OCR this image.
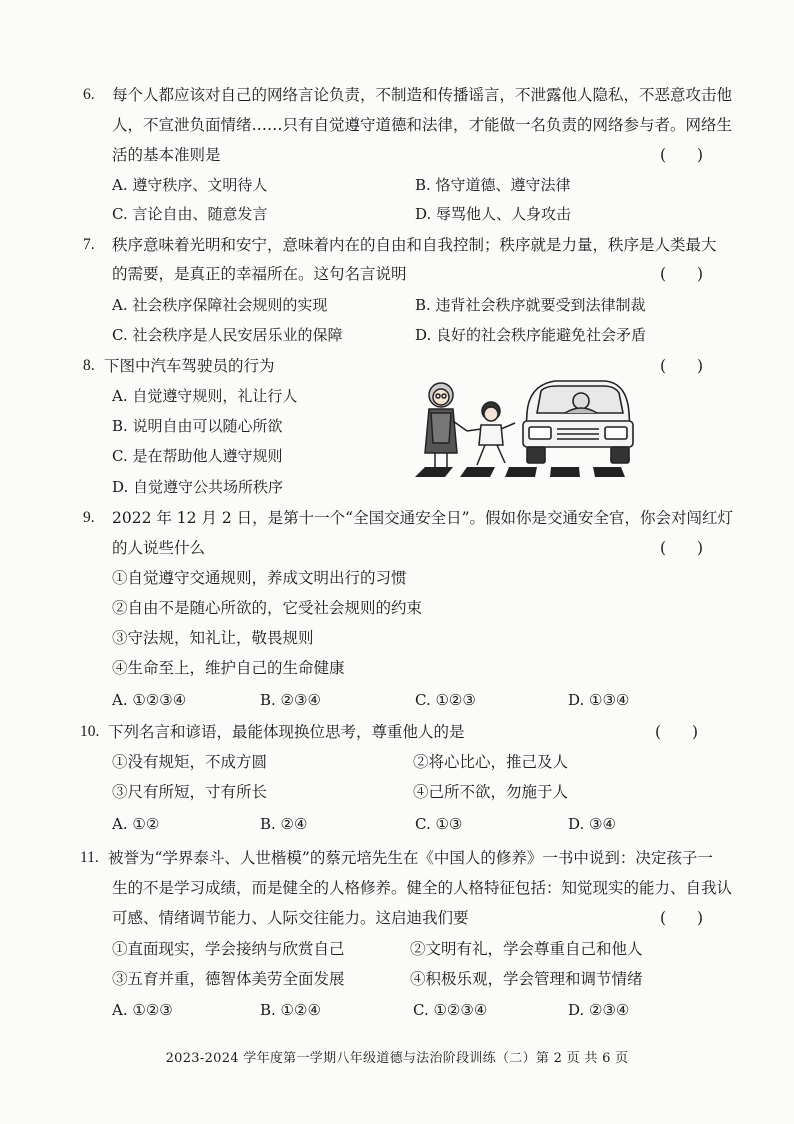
6. 每个人都应该对自己的网络言论负责，不制造和传播谣言，不泄露他人隐私，不恶意攻击他
人，不宣泄负面情绪……只有自觉遵守道德和法律，才能做一名负责的网络参与者。网络生
活的基本准则是	(　　)
A. 遵守秩序、文明待人	B. 恪守道德、遵守法律
C. 言论自由、随意发言	D. 辱骂他人、人身攻击
7. 秩序意味着光明和安宁，意味着内在的自由和自我控制；秩序就是力量，秩序是人类最大
的需要，是真正的幸福所在。这句名言说明	(　　)
A. 社会秩序保障社会规则的实现	B. 违背社会秩序就要受到法律制裁
C. 社会秩序是人民安居乐业的保障	D. 良好的社会秩序能避免社会矛盾
8. 下图中汽车驾驶员的行为	(　　)
A. 自觉遵守规则，礼让行人
B. 说明自由可以随心所欲
C. 是在帮助他人遵守规则
D. 自觉遵守公共场所秩序
9. 2022 年 12 月 2 日，是第十一个“全国交通安全日”。假如你是交通安全官，你会对闯红灯
的人说些什么	(　　)
①自觉遵守交通规则，养成文明出行的习惯
②自由不是随心所欲的，它受社会规则的约束
③守法规，知礼让，敬畏规则
④生命至上，维护自己的生命健康
A. ①②③④	B. ②③④	C. ①②③	D. ①③④
10. 下列名言和谚语，最能体现换位思考，尊重他人的是	(　　)
①没有规矩，不成方圆	②将心比心，推己及人
③尺有所短，寸有所长	④己所不欲，勿施于人
A. ①②	B. ②④	C. ①③	D. ③④
11. 被誉为“学界泰斗、人世楷模”的蔡元培先生在《中国人的修养》一书中说到：决定孩子一
生的不是学习成绩，而是健全的人格修养。健全的人格特征包括：知觉现实的能力、自我认
可感、情绪调节能力、人际交往能力。这启迪我们要	(　　)
①直面现实，学会接纳与欣赏自己	②文明有礼，学会尊重自己和他人
③五育并重，德智体美劳全面发展	④积极乐观，学会管理和调节情绪
A. ①②③	B. ①②④	C. ①②③④	D. ②③④
2023-2024 学年度第一学期八年级道德与法治阶段训练（二）第 2 页 共 6 页
